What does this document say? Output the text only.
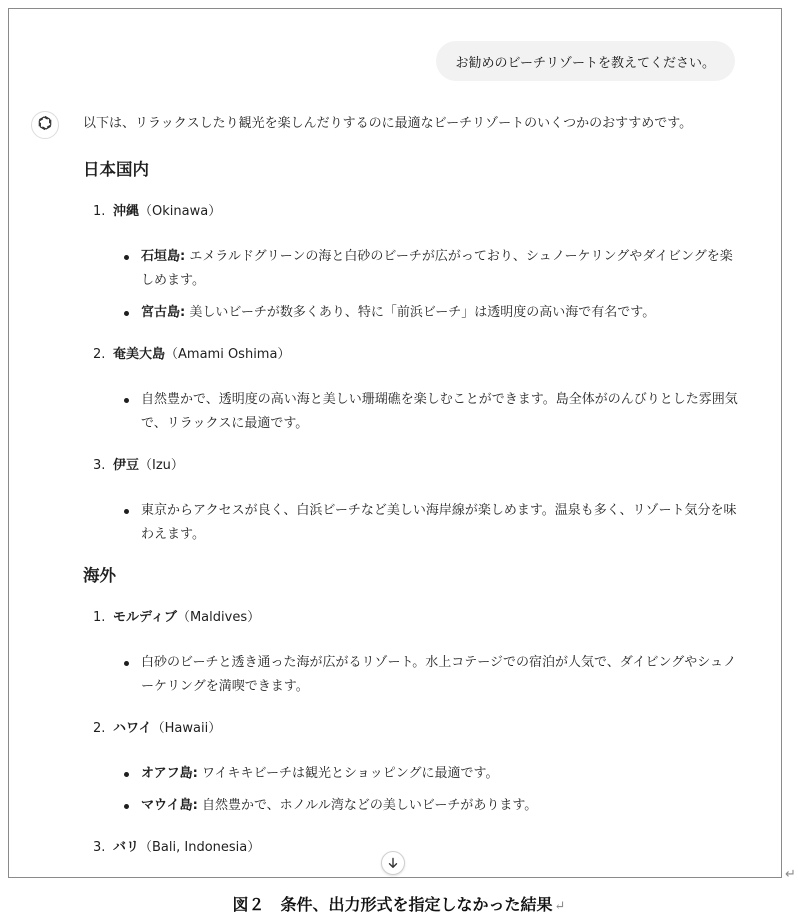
お勧めのビーチリゾートを教えてください。

以下は、リラックスしたり観光を楽しんだりするのに最適なビーチリゾートのいくつかのおすすめです。

日本国内
1. 沖縄（Okinawa）
石垣島: エメラルドグリーンの海と白砂のビーチが広がっており、シュノーケリングやダイビングを楽しめます。
宮古島: 美しいビーチが数多くあり、特に「前浜ビーチ」は透明度の高い海で有名です。
2. 奄美大島（Amami Oshima）
自然豊かで、透明度の高い海と美しい珊瑚礁を楽しむことができます。島全体がのんびりとした雰囲気で、リラックスに最適です。
3. 伊豆（Izu）
東京からアクセスが良く、白浜ビーチなど美しい海岸線が楽しめます。温泉も多く、リゾート気分を味わえます。
海外
1. モルディブ（Maldives）
白砂のビーチと透き通った海が広がるリゾート。水上コテージでの宿泊が人気で、ダイビングやシュノーケリングを満喫できます。
2. ハワイ（Hawaii）
オアフ島: ワイキキビーチは観光とショッピングに最適です。
マウイ島: 自然豊かで、ホノルル湾などの美しいビーチがあります。
3. バリ（Bali, Indonesia）
↵
図２　条件、出力形式を指定しなかった結果 ↵
